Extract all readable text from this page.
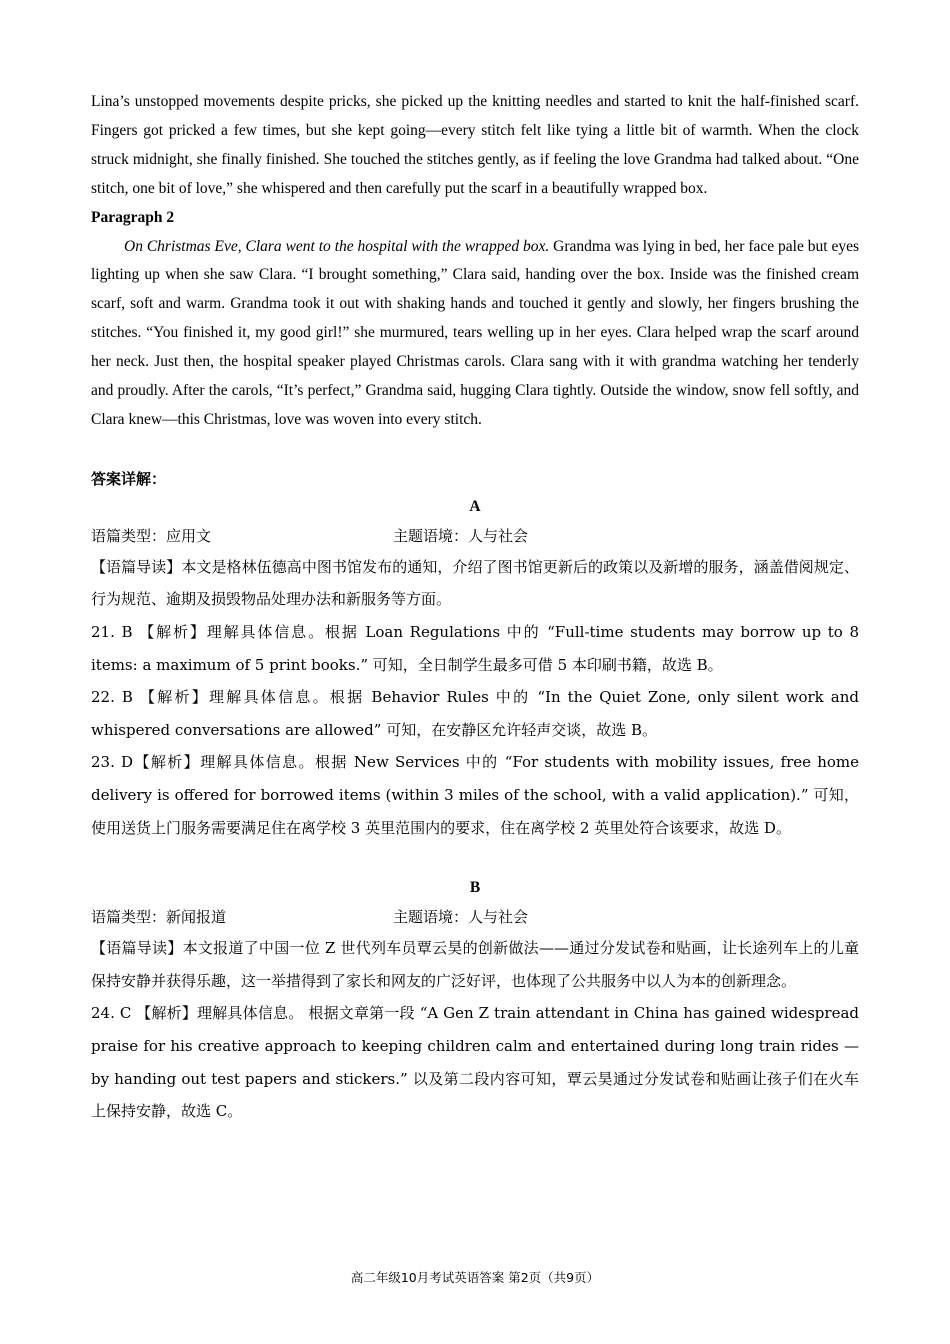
Lina’s unstopped movements despite pricks, she picked up the knitting needles and started to knit the half-finished scarf. Fingers got pricked a few times, but she kept going—every stitch felt like tying a little bit of warmth. When the clock struck midnight, she finally finished. She touched the stitches gently, as if feeling the love Grandma had talked about. “One stitch, one bit of love,” she whispered and then carefully put the scarf in a beautifully wrapped box.

Paragraph 2

On Christmas Eve, Clara went to the hospital with the wrapped box. Grandma was lying in bed, her face pale but eyes lighting up when she saw Clara. “I brought something,” Clara said, handing over the box. Inside was the finished cream scarf, soft and warm. Grandma took it out with shaking hands and touched it gently and slowly, her fingers brushing the stitches. “You finished it, my good girl!” she murmured, tears welling up in her eyes. Clara helped wrap the scarf around her neck. Just then, the hospital speaker played Christmas carols. Clara sang with it with grandma watching her tenderly and proudly. After the carols, “It’s perfect,” Grandma said, hugging Clara tightly. Outside the window, snow fell softly, and Clara knew—this Christmas, love was woven into every stitch.

答案详解：
A
语篇类型：应用文	主题语境：人与社会

【语篇导读】本文是格林伍德高中图书馆发布的通知，介绍了图书馆更新后的政策以及新增的服务，涵盖借阅规定、行为规范、逾期及损毁物品处理办法和新服务等方面。

21. B 【解析】理解具体信息。根据 Loan Regulations 中的 “Full-time students may borrow up to 8 items: a maximum of 5 print books.” 可知，全日制学生最多可借 5 本印刷书籍，故选 B。

22. B 【解析】理解具体信息。根据 Behavior Rules 中的 “In the Quiet Zone, only silent work and whispered conversations are allowed” 可知，在安静区允许轻声交谈，故选 B。

23. D【解析】理解具体信息。根据 New Services 中的 “For students with mobility issues, free home delivery is offered for borrowed items (within 3 miles of the school, with a valid application).” 可知，使用送货上门服务需要满足住在离学校 3 英里范围内的要求，住在离学校 2 英里处符合该要求，故选 D。

B
语篇类型：新闻报道	主题语境：人与社会

【语篇导读】本文报道了中国一位 Z 世代列车员覃云昊的创新做法——通过分发试卷和贴画，让长途列车上的儿童保持安静并获得乐趣，这一举措得到了家长和网友的广泛好评，也体现了公共服务中以人为本的创新理念。

24. C 【解析】理解具体信息。 根据文章第一段 “A Gen Z train attendant in China has gained widespread praise for his creative approach to keeping children calm and entertained during long train rides — by handing out test papers and stickers.” 以及第二段内容可知，覃云昊通过分发试卷和贴画让孩子们在火车上保持安静，故选 C。

高二年级10月考试英语答案 第2页（共9页）
